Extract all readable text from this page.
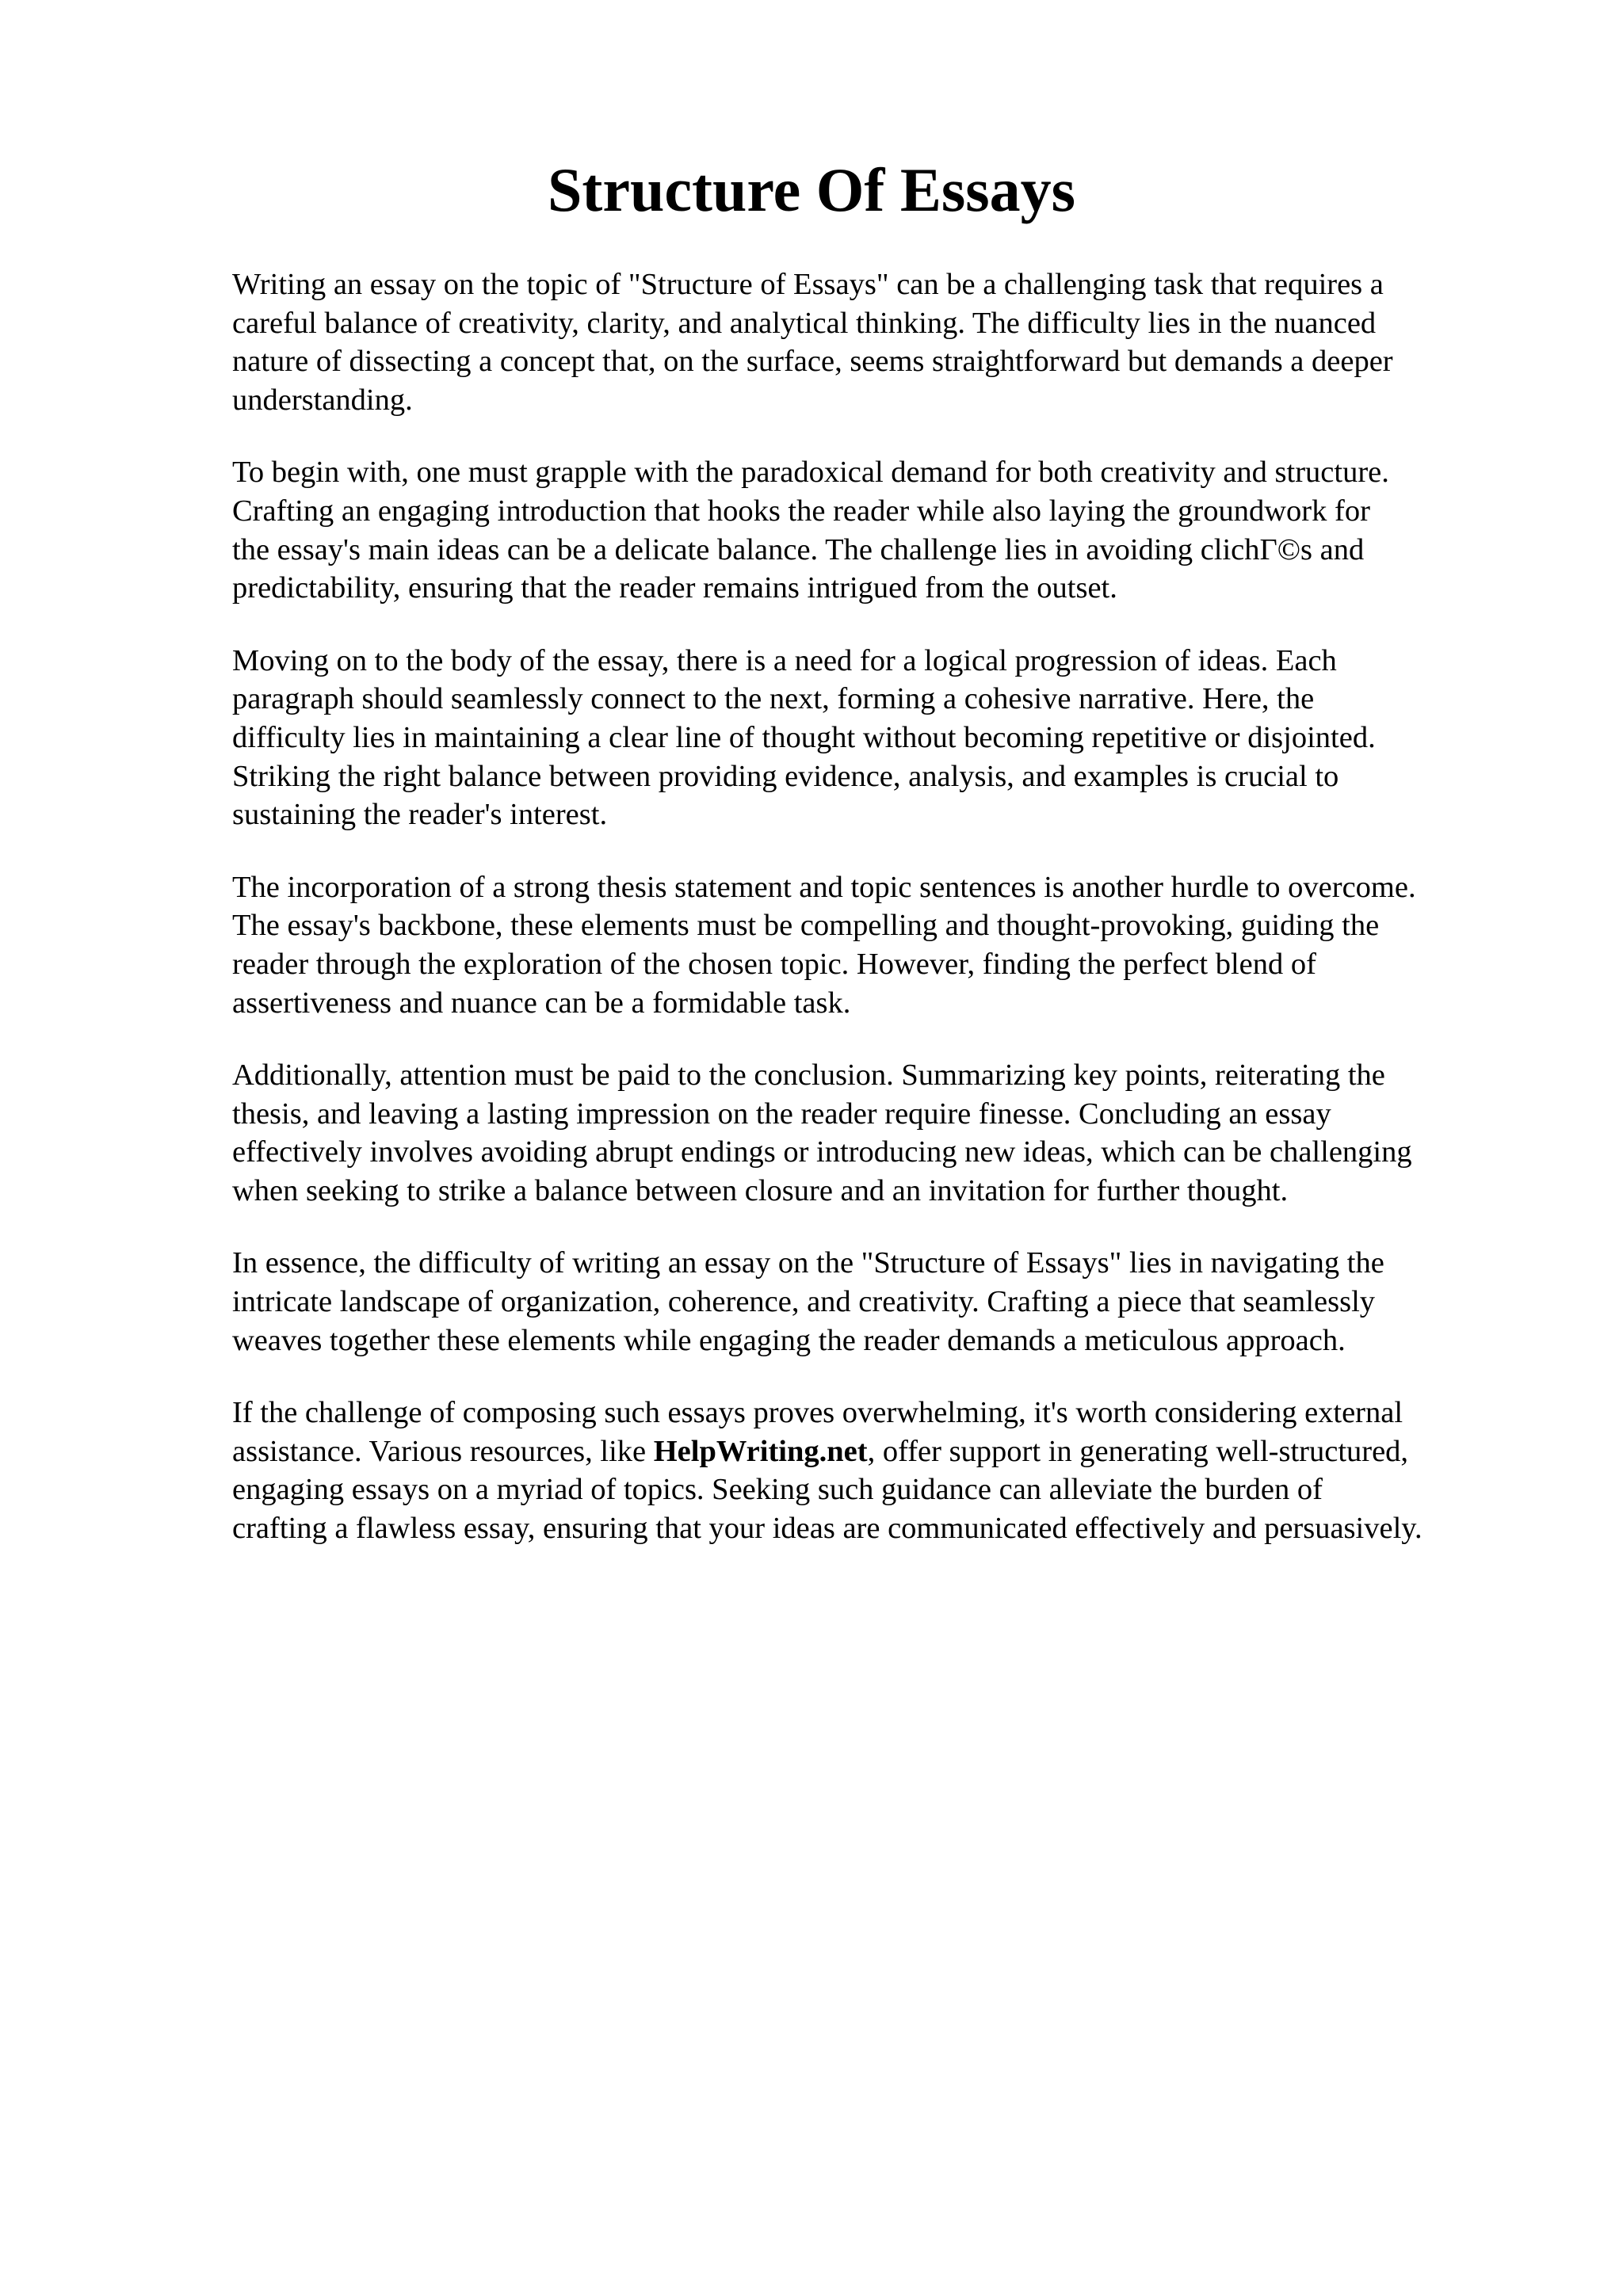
Structure Of Essays

Writing an essay on the topic of "Structure of Essays" can be a challenging task that requires a
careful balance of creativity, clarity, and analytical thinking. The difficulty lies in the nuanced
nature of dissecting a concept that, on the surface, seems straightforward but demands a deeper
understanding.

To begin with, one must grapple with the paradoxical demand for both creativity and structure.
Crafting an engaging introduction that hooks the reader while also laying the groundwork for
the essay's main ideas can be a delicate balance. The challenge lies in avoiding clichГ©s and
predictability, ensuring that the reader remains intrigued from the outset.

Moving on to the body of the essay, there is a need for a logical progression of ideas. Each
paragraph should seamlessly connect to the next, forming a cohesive narrative. Here, the
difficulty lies in maintaining a clear line of thought without becoming repetitive or disjointed.
Striking the right balance between providing evidence, analysis, and examples is crucial to
sustaining the reader's interest.

The incorporation of a strong thesis statement and topic sentences is another hurdle to overcome.
The essay's backbone, these elements must be compelling and thought-provoking, guiding the
reader through the exploration of the chosen topic. However, finding the perfect blend of
assertiveness and nuance can be a formidable task.

Additionally, attention must be paid to the conclusion. Summarizing key points, reiterating the
thesis, and leaving a lasting impression on the reader require finesse. Concluding an essay
effectively involves avoiding abrupt endings or introducing new ideas, which can be challenging
when seeking to strike a balance between closure and an invitation for further thought.

In essence, the difficulty of writing an essay on the "Structure of Essays" lies in navigating the
intricate landscape of organization, coherence, and creativity. Crafting a piece that seamlessly
weaves together these elements while engaging the reader demands a meticulous approach.

If the challenge of composing such essays proves overwhelming, it's worth considering external
assistance. Various resources, like HelpWriting.net, offer support in generating well-structured,
engaging essays on a myriad of topics. Seeking such guidance can alleviate the burden of
crafting a flawless essay, ensuring that your ideas are communicated effectively and persuasively.
